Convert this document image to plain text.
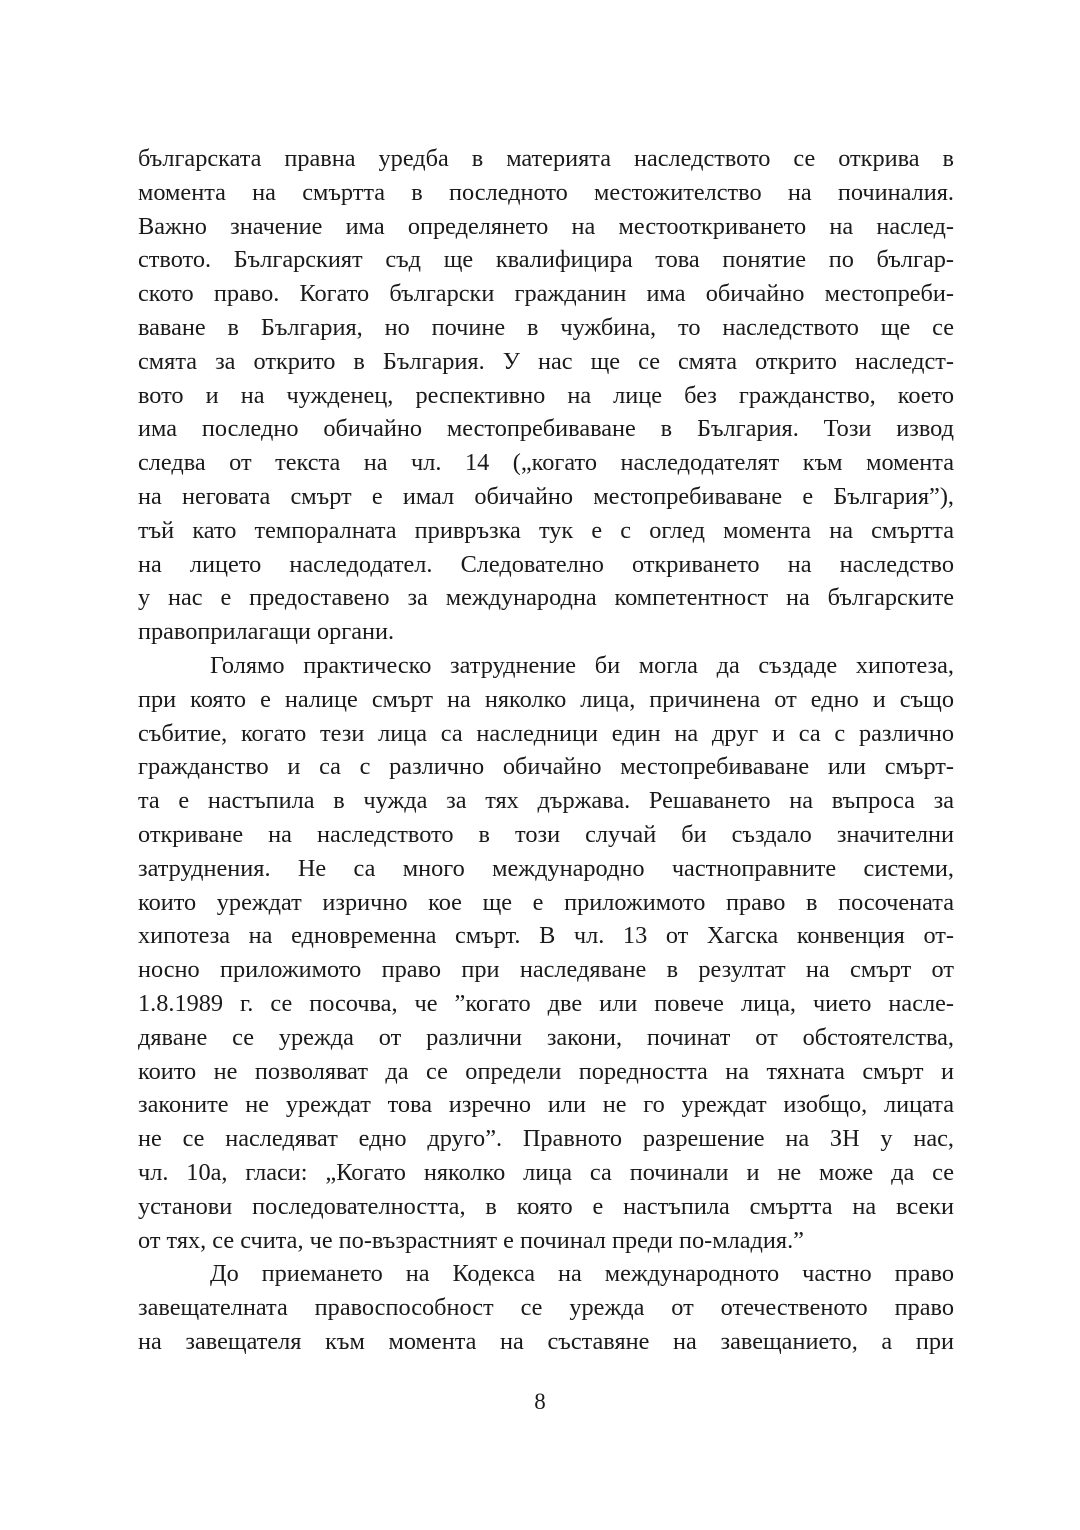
българската правна уредба в материята наследството се открива в
момента на смъртта в последното местожителство на починалия.
Важно значение има определянето на местооткриването на наслед-
ството. Българският съд ще квалифицира това понятие по българ-
ското право. Когато български гражданин има обичайно местопреби-
ваване в България, но почине в чужбина, то наследството ще се
смята за открито в България. У нас ще се смята открито наследст-
вото и на чужденец, респективно на лице без гражданство, което
има последно обичайно местопребиваване в България. Този извод
следва от текста на чл. 14 („когато наследодателят към момента
на неговата смърт е имал обичайно местопребиваване е България”),
тъй като темпоралната привръзка тук е с оглед момента на смъртта
на лицето наследодател. Следователно откриването на наследство
у нас е предоставено за международна компетентност на българските
правоприлагащи органи.
Голямо практическо затруднение би могла да създаде хипотеза,
при която е налице смърт на няколко лица, причинена от едно и също
събитие, когато тези лица са наследници един на друг и са с различно
гражданство и са с различно обичайно местопребиваване или смърт-
та е настъпила в чужда за тях държава. Решаването на въпроса за
откриване на наследството в този случай би създало значителни
затруднения. Не са много международно частноправните системи,
които уреждат изрично кое ще е приложимото право в посочената
хипотеза на едновременна смърт. В чл. 13 от Хагска конвенция от-
носно приложимото право при наследяване в резултат на смърт от
1.8.1989 г. се посочва, че ”когато две или повече лица, чието насле-
дяване се урежда от различни закони, починат от обстоятелства,
които не позволяват да се определи поредността на тяхната смърт и
законите не уреждат това изречно или не го уреждат изобщо, лицата
не се наследяват едно друго”. Правното разрешение на ЗН у нас,
чл. 10а, гласи: „Когато няколко лица са починали и не може да се
установи последователността, в която е настъпила смъртта на всеки
от тях, се счита, че по-възрастният е починал преди по-младия.”
До приемането на Кодекса на международното частно право
завещателната правоспособност се урежда от отечественото право
на завещателя към момента на съставяне на завещанието, а при
8
